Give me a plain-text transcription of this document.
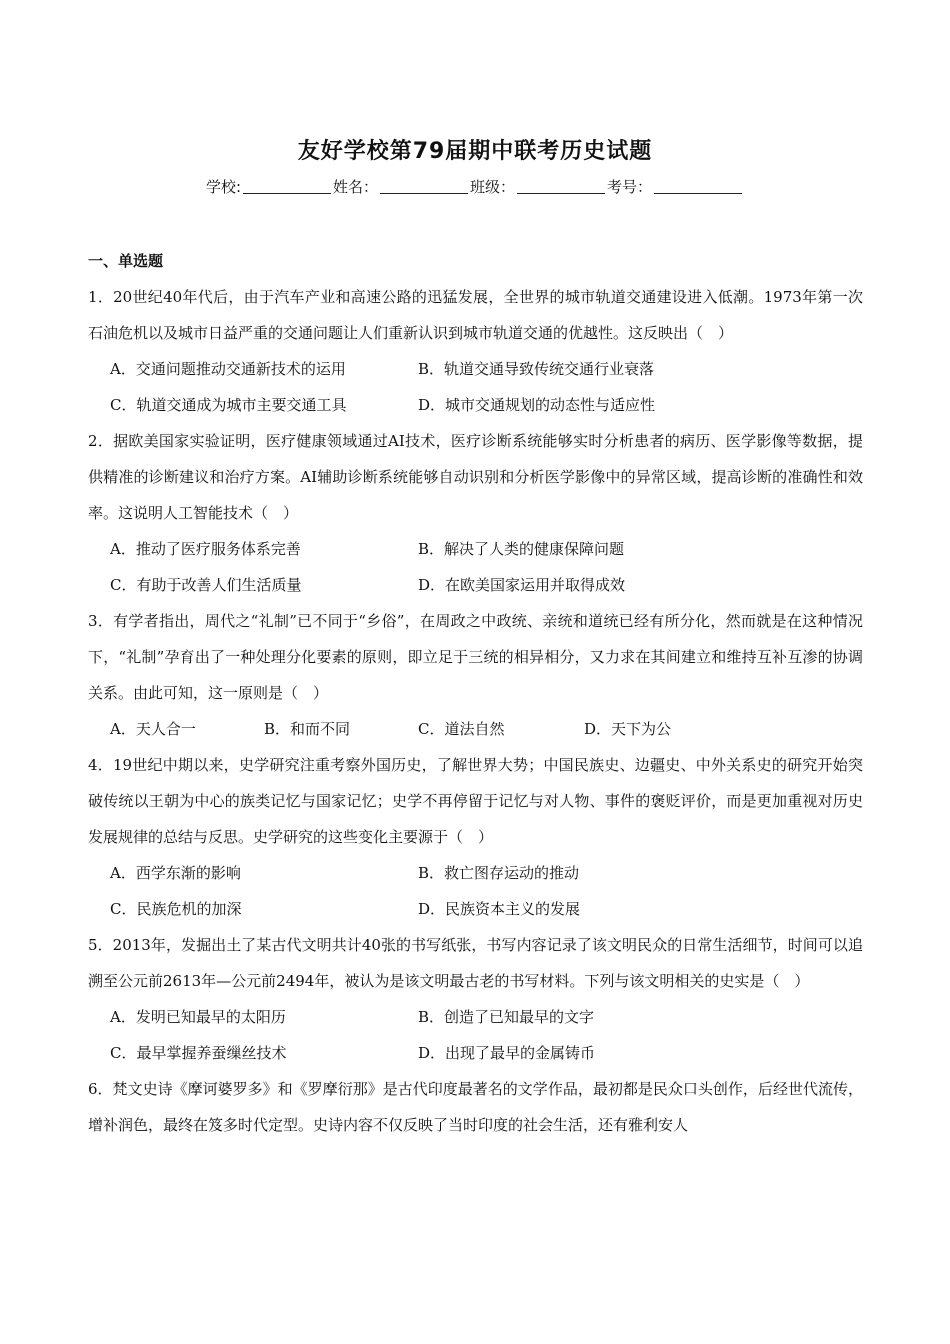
友好学校第79届期中联考历史试题
学校:	姓名：	班级：	考号：
一、单选题
1．20世纪40年代后，由于汽车产业和高速公路的迅猛发展，全世界的城市轨道交通建设进入低潮。1973年第一次石油危机以及城市日益严重的交通问题让人们重新认识到城市轨道交通的优越性。这反映出（　）
A．交通问题推动交通新技术的运用	B．轨道交通导致传统交通行业衰落
C．轨道交通成为城市主要交通工具	D．城市交通规划的动态性与适应性
2．据欧美国家实验证明，医疗健康领域通过AI技术，医疗诊断系统能够实时分析患者的病历、医学影像等数据，提供精准的诊断建议和治疗方案。AI辅助诊断系统能够自动识别和分析医学影像中的异常区域，提高诊断的准确性和效率。这说明人工智能技术（　）
A．推动了医疗服务体系完善	B．解决了人类的健康保障问题
C．有助于改善人们生活质量	D．在欧美国家运用并取得成效
3．有学者指出，周代之“礼制”已不同于“乡俗”，在周政之中政统、亲统和道统已经有所分化，然而就是在这种情况下，“礼制”孕育出了一种处理分化要素的原则，即立足于三统的相异相分，又力求在其间建立和维持互补互渗的协调关系。由此可知，这一原则是（　）
A．天人合一	B．和而不同	C．道法自然	D．天下为公
4．19世纪中期以来，史学研究注重考察外国历史，了解世界大势；中国民族史、边疆史、中外关系史的研究开始突破传统以王朝为中心的族类记忆与国家记忆；史学不再停留于记忆与对人物、事件的褒贬评价，而是更加重视对历史发展规律的总结与反思。史学研究的这些变化主要源于（　）
A．西学东渐的影响	B．救亡图存运动的推动
C．民族危机的加深	D．民族资本主义的发展
5．2013年，发掘出土了某古代文明共计40张的书写纸张，书写内容记录了该文明民众的日常生活细节，时间可以追溯至公元前2613年—公元前2494年，被认为是该文明最古老的书写材料。下列与该文明相关的史实是（　）
A．发明已知最早的太阳历	B．创造了已知最早的文字
C．最早掌握养蚕缫丝技术	D．出现了最早的金属铸币
6．梵文史诗《摩诃婆罗多》和《罗摩衍那》是古代印度最著名的文学作品，最初都是民众口头创作，后经世代流传，增补润色，最终在笈多时代定型。史诗内容不仅反映了当时印度的社会生活，还有雅利安人
